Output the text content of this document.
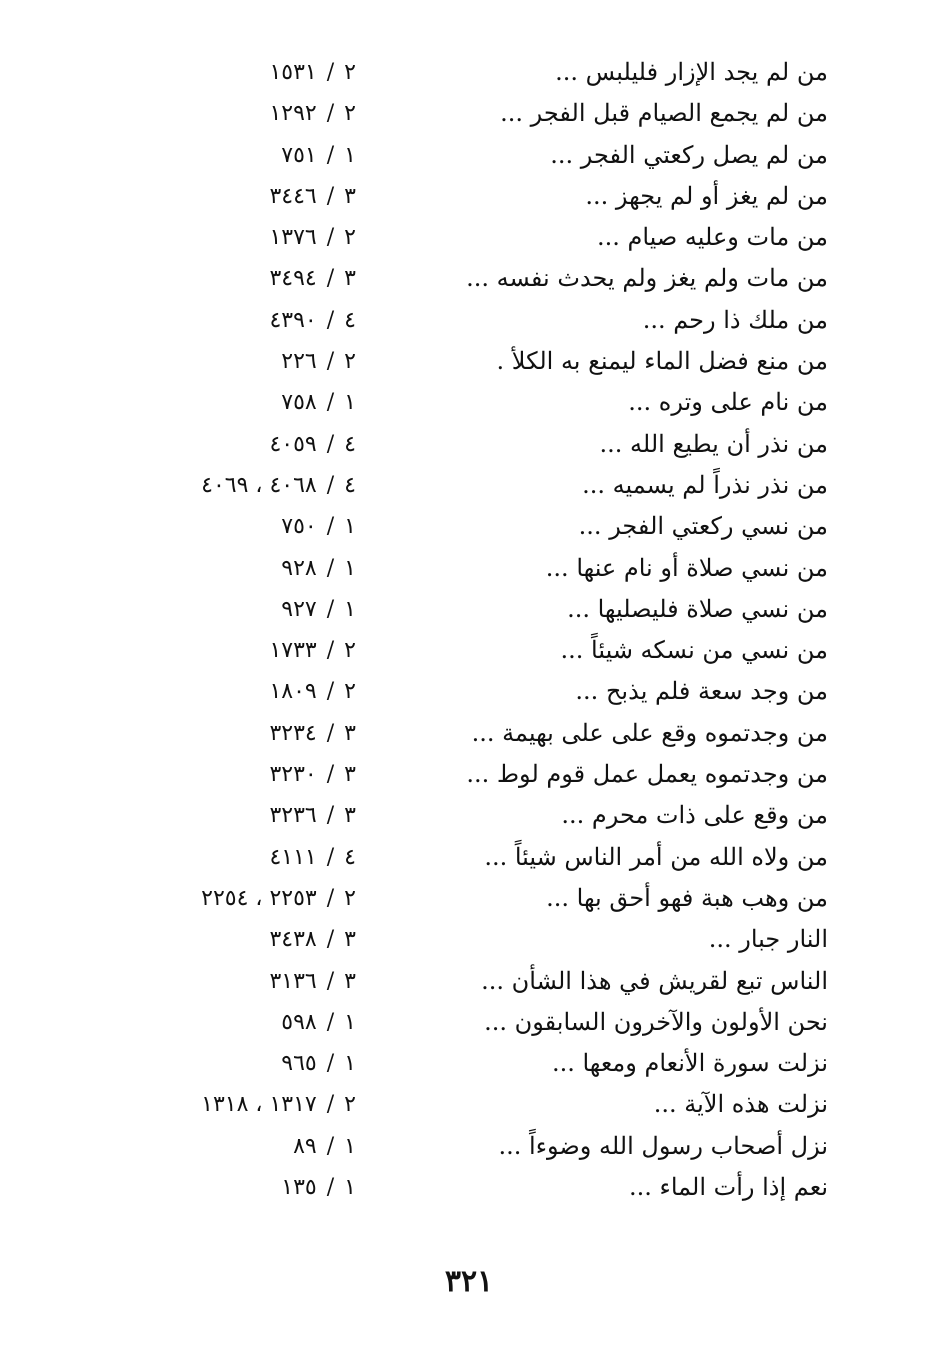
من لم يجد الإزار فليلبس ...
٢/١٥٣١
من لم يجمع الصيام قبل الفجر ...
٢/١٢٩٢
من لم يصل ركعتي الفجر ...
١/٧٥١
من لم يغز أو لم يجهز ...
٣/٣٤٤٦
من مات وعليه صيام ...
٢/١٣٧٦
من مات ولم يغز ولم يحدث نفسه ...
٣/٣٤٩٤
من ملك ذا رحم ...
٤/٤٣٩٠
من منع فضل الماء ليمنع به الكلأ .
٢/٢٢٦
من نام على وتره ...
١/٧٥٨
من نذر أن يطيع الله ...
٤/٤٠٥٩
من نذر نذراً لم يسميه ...
٤/٤٠٦٨ ، ٤٠٦٩
من نسي ركعتي الفجر ...
١/٧٥٠
من نسي صلاة أو نام عنها ...
١/٩٢٨
من نسي صلاة فليصليها ...
١/٩٢٧
من نسي من نسكه شيئاً ...
٢/١٧٣٣
من وجد سعة فلم يذبح ...
٢/١٨٠٩
من وجدتموه وقع على على بهيمة ...
٣/٣٢٣٤
من وجدتموه يعمل عمل قوم لوط ...
٣/٣٢٣٠
من وقع على ذات محرم ...
٣/٣٢٣٦
من ولاه الله من أمر الناس شيئاً ...
٤/٤١١١
من وهب هبة فهو أحق بها ...
٢/٢٢٥٣ ، ٢٢٥٤
النار جبار ...
٣/٣٤٣٨
الناس تبع لقريش في هذا الشأن ...
٣/٣١٣٦
نحن الأولون والآخرون السابقون ...
١/٥٩٨
نزلت سورة الأنعام ومعها ...
١/٩٦٥
نزلت هذه الآية ...
٢/١٣١٧ ، ١٣١٨
نزل أصحاب رسول الله وضوءاً ...
١/٨٩
نعم إذا رأت الماء ...
١/١٣٥
٣٢١
